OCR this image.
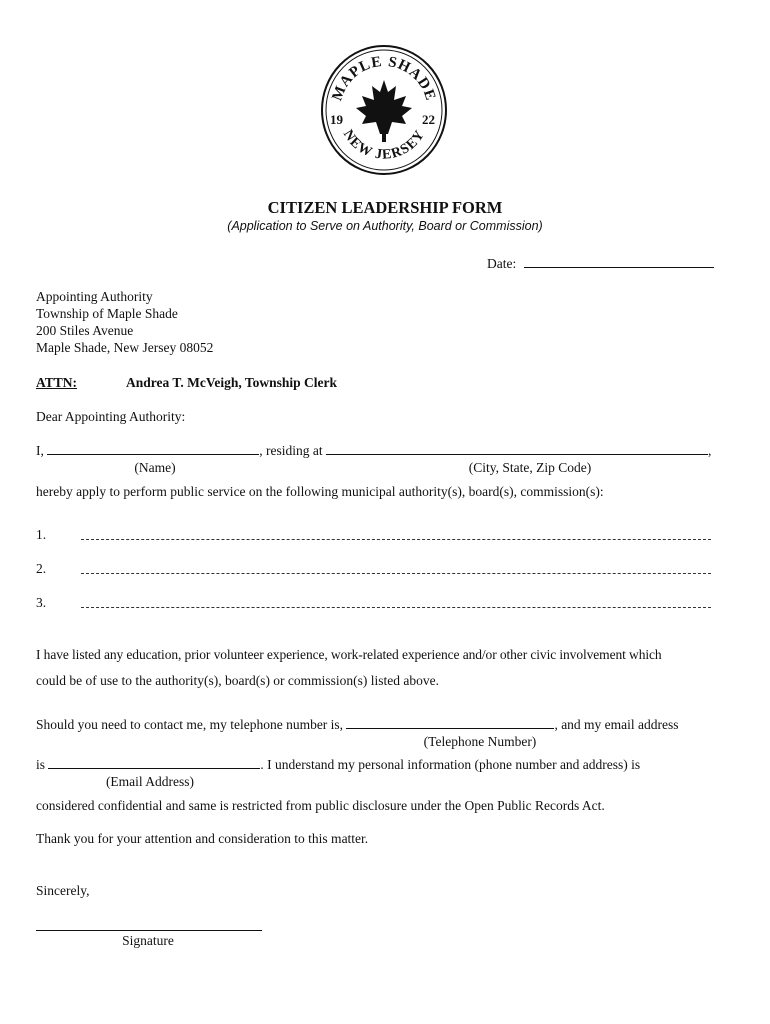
MAPLE SHADE
NEW JERSEY
19	22
CITIZEN LEADERSHIP FORM
(Application to Serve on Authority, Board or Commission)
Date:
Appointing Authority
Township of Maple Shade
200 Stiles Avenue
Maple Shade, New Jersey 08052
ATTN:	Andrea T. McVeigh, Township Clerk
Dear Appointing Authority:
I,	, residing at	,
(Name)	(City, State, Zip Code)
hereby apply to perform public service on the following municipal authority(s), board(s), commission(s):
1.
2.
3.
I have listed any education, prior volunteer experience, work-related experience and/or other civic involvement which
could be of use to the authority(s), board(s) or commission(s) listed above.
Should you need to contact me, my telephone number is,	, and my email address
(Telephone Number)
is	. I understand my personal information (phone number and address) is
(Email Address)
considered confidential and same is restricted from public disclosure under the Open Public Records Act.
Thank you for your attention and consideration to this matter.
Sincerely,
Signature
